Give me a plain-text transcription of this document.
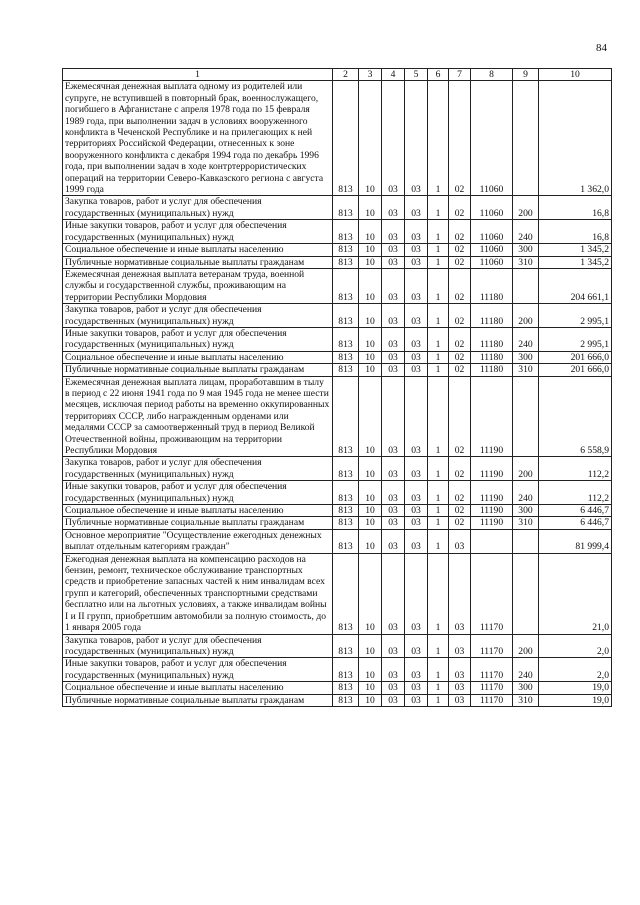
84
1	2	3	4	5	6	7	8	9	10
Ежемесячная денежная выплата одному из родителей или супруге, не вступившей в повторный брак, военнослужащего, погибшего в Афганистане с апреля 1978 года по 15 февраля 1989 года, при выполнении задач в условиях вооруженного конфликта в Чеченской Республике и на прилегающих к ней территориях Российской Федерации, отнесенных к зоне вооруженного конфликта с декабря 1994 года по декабрь 1996 года, при выполнении задач в ходе контртеррористических операций на территории Северо-Кавказского региона с августа 1999 года	813	10	03	03	1	02	11060		1 362,0
Закупка товаров, работ и услуг для обеспечения государственных (муниципальных) нужд	813	10	03	03	1	02	11060	200	16,8
Иные закупки товаров, работ и услуг для обеспечения государственных (муниципальных) нужд	813	10	03	03	1	02	11060	240	16,8
Социальное обеспечение и иные выплаты населению	813	10	03	03	1	02	11060	300	1 345,2
Публичные нормативные социальные выплаты гражданам	813	10	03	03	1	02	11060	310	1 345,2
Ежемесячная денежная выплата ветеранам труда, военной службы и государственной службы, проживающим на территории Республики Мордовия	813	10	03	03	1	02	11180		204 661,1
Закупка товаров, работ и услуг для обеспечения государственных (муниципальных) нужд	813	10	03	03	1	02	11180	200	2 995,1
Иные закупки товаров, работ и услуг для обеспечения государственных (муниципальных) нужд	813	10	03	03	1	02	11180	240	2 995,1
Социальное обеспечение и иные выплаты населению	813	10	03	03	1	02	11180	300	201 666,0
Публичные нормативные социальные выплаты гражданам	813	10	03	03	1	02	11180	310	201 666,0
Ежемесячная денежная выплата лицам, проработавшим в тылу в период с 22 июня 1941 года по 9 мая 1945 года не менее шести месяцев, исключая период работы на временно оккупированных территориях СССР, либо награжденным орденами или медалями СССР за самоотверженный труд в период Великой Отечественной войны, проживающим на территории Республики Мордовия	813	10	03	03	1	02	11190		6 558,9
Закупка товаров, работ и услуг для обеспечения государственных (муниципальных) нужд	813	10	03	03	1	02	11190	200	112,2
Иные закупки товаров, работ и услуг для обеспечения государственных (муниципальных) нужд	813	10	03	03	1	02	11190	240	112,2
Социальное обеспечение и иные выплаты населению	813	10	03	03	1	02	11190	300	6 446,7
Публичные нормативные социальные выплаты гражданам	813	10	03	03	1	02	11190	310	6 446,7
Основное мероприятие "Осуществление ежегодных денежных выплат отдельным категориям граждан"	813	10	03	03	1	03			81 999,4
Ежегодная денежная выплата на компенсацию расходов на бензин, ремонт, техническое обслуживание транспортных средств и приобретение запасных частей к ним инвалидам всех групп и категорий, обеспеченных транспортными средствами бесплатно или на льготных условиях, а также инвалидам войны I и II групп, приобретшим автомобили за полную стоимость, до 1 января 2005 года	813	10	03	03	1	03	11170		21,0
Закупка товаров, работ и услуг для обеспечения государственных (муниципальных) нужд	813	10	03	03	1	03	11170	200	2,0
Иные закупки товаров, работ и услуг для обеспечения государственных (муниципальных) нужд	813	10	03	03	1	03	11170	240	2,0
Социальное обеспечение и иные выплаты населению	813	10	03	03	1	03	11170	300	19,0
Публичные нормативные социальные выплаты гражданам	813	10	03	03	1	03	11170	310	19,0
